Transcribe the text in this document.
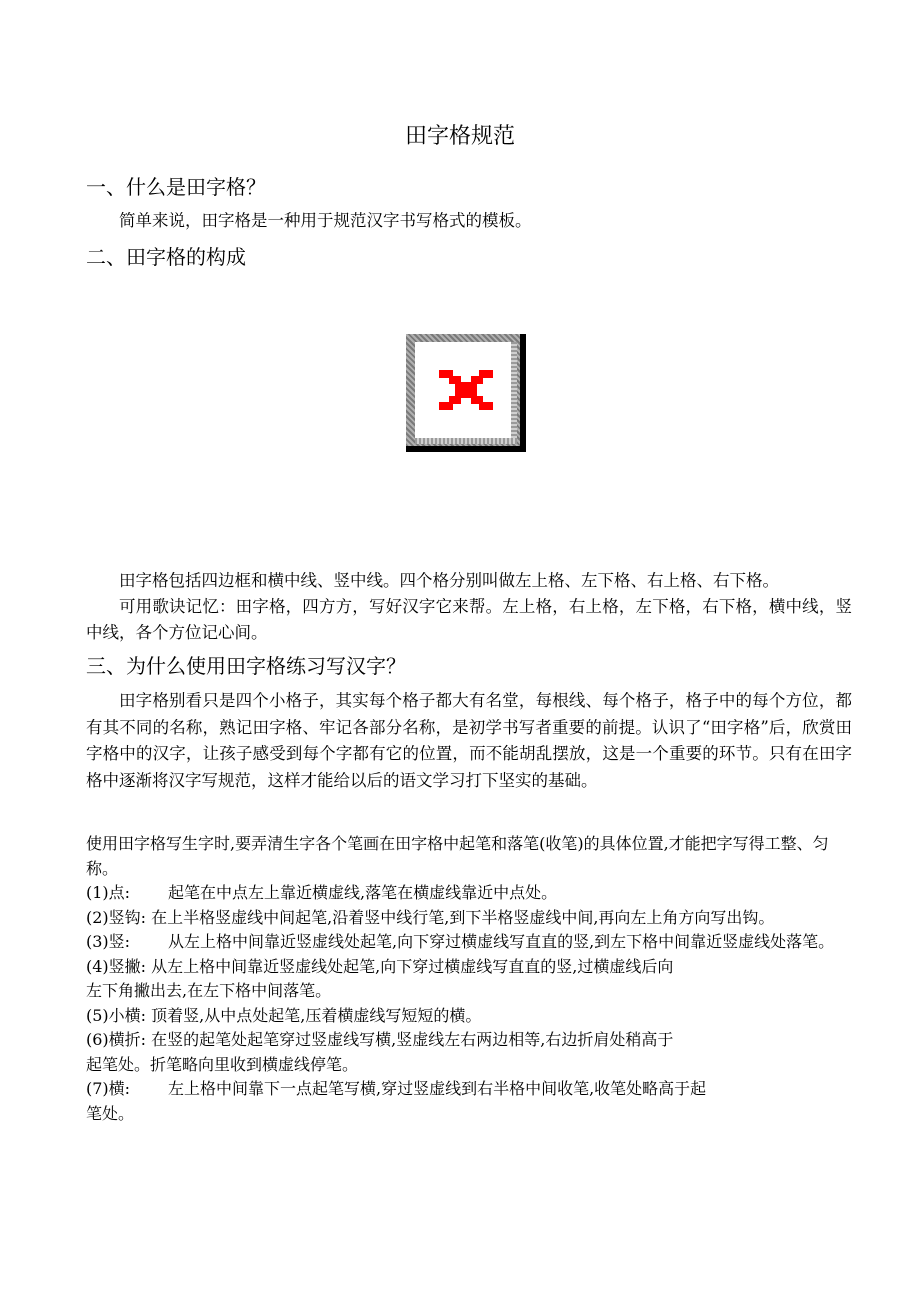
田字格规范
一、什么是田字格？
简单来说，田字格是一种用于规范汉字书写格式的模板。
二、田字格的构成
田字格包括四边框和横中线、竖中线。四个格分别叫做左上格、左下格、右上格、右下格。
可用歌诀记忆：田字格，四方方，写好汉字它来帮。左上格，右上格，左下格，右下格，横中线，竖中线，各个方位记心间。
三、为什么使用田字格练习写汉字？
田字格别看只是四个小格子，其实每个格子都大有名堂，每根线、每个格子，格子中的每个方位，都有其不同的名称，熟记田字格、牢记各部分名称，是初学书写者重要的前提。认识了“田字格”后，欣赏田字格中的汉字，让孩子感受到每个字都有它的位置，而不能胡乱摆放，这是一个重要的环节。只有在田字格中逐渐将汉字写规范，这样才能给以后的语文学习打下坚实的基础。
使用田字格写生字时,要弄清生字各个笔画在田字格中起笔和落笔(收笔)的具体位置,才能把字写得工整、匀称。
(1)点: 起笔在中点左上靠近横虚线,落笔在横虚线靠近中点处。
(2)竖钩: 在上半格竖虚线中间起笔,沿着竖中线行笔,到下半格竖虚线中间,再向左上角方向写出钩。
(3)竖: 从左上格中间靠近竖虚线处起笔,向下穿过横虚线写直直的竖,到左下格中间靠近竖虚线处落笔。
(4)竖撇: 从左上格中间靠近竖虚线处起笔,向下穿过横虚线写直直的竖,过横虚线后向
左下角撇出去,在左下格中间落笔。
(5)小横: 顶着竖,从中点处起笔,压着横虚线写短短的横。
(6)横折: 在竖的起笔处起笔穿过竖虚线写横,竖虚线左右两边相等,右边折肩处稍高于
起笔处。折笔略向里收到横虚线停笔。
(7)横: 左上格中间靠下一点起笔写横,穿过竖虚线到右半格中间收笔,收笔处略高于起
笔处。
